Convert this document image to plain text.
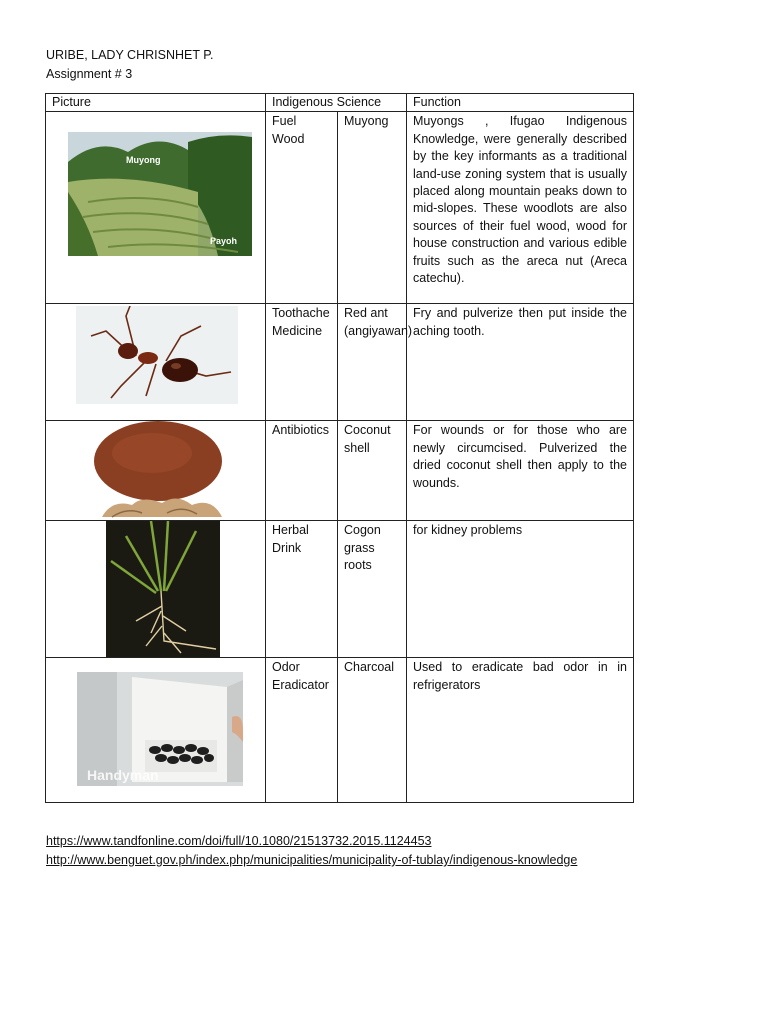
URIBE, LADY CHRISNHET P.
Assignment # 3
Picture	Indigenous Science		Function

Muyong
Payoh	Fuel Wood	Muyong	Muyongs , Ifugao Indigenous Knowledge, were generally described by the key informants as a traditional land-use zoning system that is usually placed along mountain peaks down to mid-slopes. These woodlots are also sources of their fuel wood, wood for house construction and various edible fruits such as the areca nut (Areca catechu).

	Toothache Medicine	Red ant (angiyawan)	Fry and pulverize then put inside the aching tooth.

	Antibiotics	Coconut shell	For wounds or for those who are newly circumcised. Pulverized the dried coconut shell then apply to the wounds.

	Herbal Drink	Cogon grass roots	for kidney problems

Handyman	Odor Eradicator	Charcoal	Used to eradicate bad odor in in refrigerators
https://www.tandfonline.com/doi/full/10.1080/21513732.2015.1124453
http://www.benguet.gov.ph/index.php/municipalities/municipality-of-tublay/indigenous-knowledge
